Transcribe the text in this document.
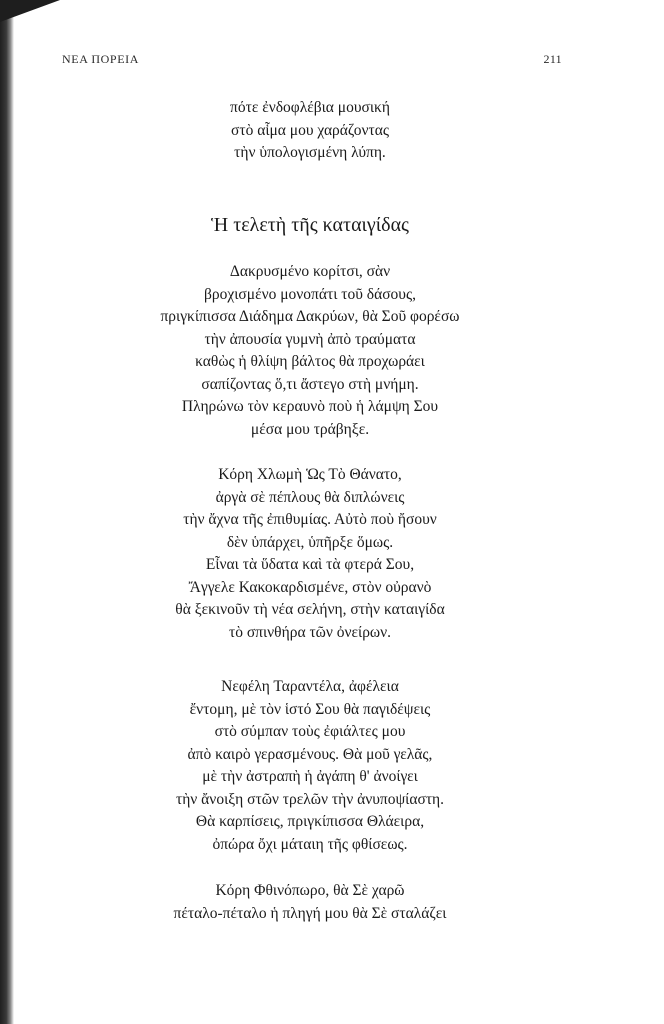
ΝΕΑ ΠΟΡΕΙΑ	211
πότε ἐνδοφλέβια μουσική
στὸ αἷμα μου χαράζοντας
τὴν ὑπολογισμένη λύπη.
Ἡ τελετὴ τῆς καταιγίδας
Δακρυσμένο κορίτσι, σὰν
βροχισμένο μονοπάτι τοῦ δάσους,
πριγκίπισσα Διάδημα Δακρύων, θὰ Σοῦ φορέσω
τὴν ἀπουσία γυμνὴ ἀπὸ τραύματα
καθὼς ἡ θλίψη βάλτος θὰ προχωράει
σαπίζοντας ὅ,τι ἄστεγο στὴ μνήμη.
Πληρώνω τὸν κεραυνὸ ποὺ ἡ λάμψη Σου
μέσα μου τράβηξε.
Κόρη Χλωμὴ Ὡς Τὸ Θάνατο,
ἀργὰ σὲ πέπλους θὰ διπλώνεις
τὴν ἄχνα τῆς ἐπιθυμίας. Αὐτὸ ποὺ ἤσουν
δὲν ὑπάρχει, ὑπῆρξε ὅμως.
Εἶναι τὰ ὕδατα καὶ τὰ φτερά Σου,
Ἄγγελε Κακοκαρδισμένε, στὸν οὐρανὸ
θὰ ξεκινοῦν τὴ νέα σελήνη, στὴν καταιγίδα
τὸ σπινθήρα τῶν ὀνείρων.
Νεφέλη Ταραντέλα, ἀφέλεια
ἔντομη, μὲ τὸν ἱστό Σου θὰ παγιδέψεις
στὸ σύμπαν τοὺς ἐφιάλτες μου
ἀπὸ καιρὸ γερασμένους. Θὰ μοῦ γελᾶς,
μὲ τὴν ἀστραπὴ ἡ ἀγάπη θ' ἀνοίγει
τὴν ἄνοιξη στῶν τρελῶν τὴν ἀνυποψίαστη.
Θὰ καρπίσεις, πριγκίπισσα Θλάειρα,
ὀπώρα ὄχι μάταιη τῆς φθίσεως.
Κόρη Φθινόπωρο, θὰ Σὲ χαρῶ
πέταλο-πέταλο ἡ πληγή μου θὰ Σὲ σταλάζει
